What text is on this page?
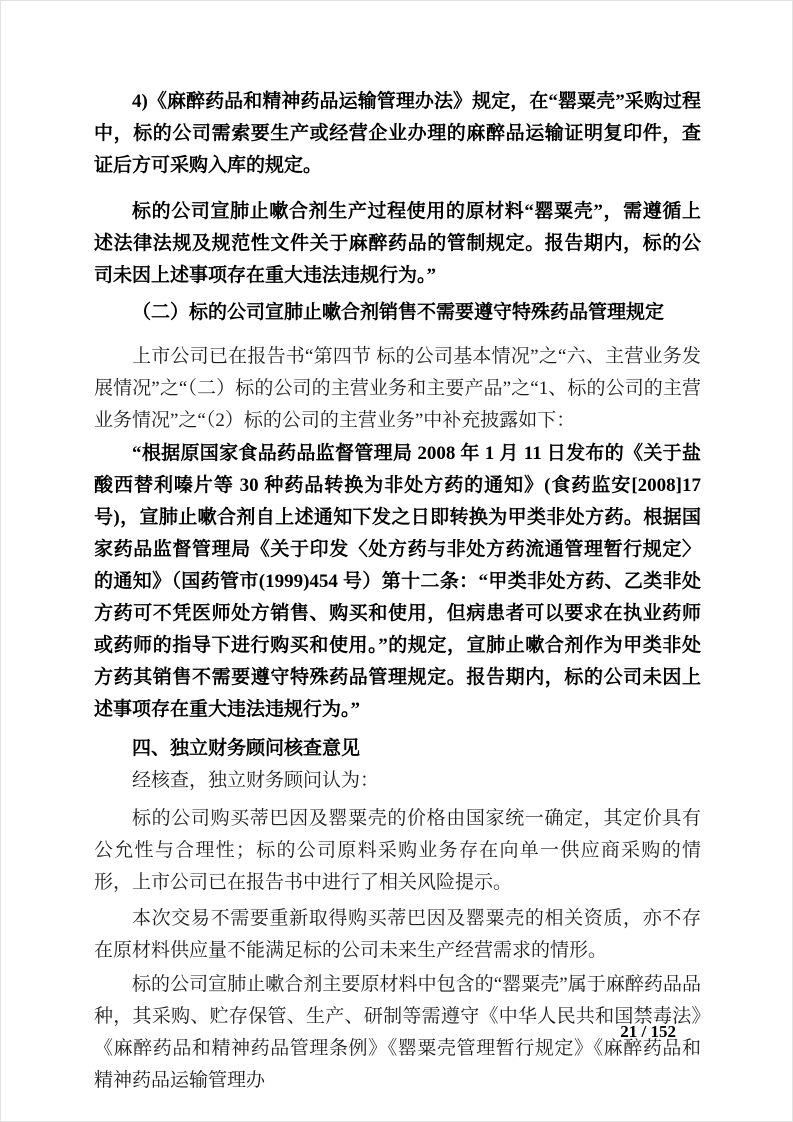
4)《麻醉药品和精神药品运输管理办法》规定，在“罂粟壳”采购过程中，标的公司需索要生产或经营企业办理的麻醉品运输证明复印件，查证后方可采购入库的规定。

标的公司宣肺止嗽合剂生产过程使用的原材料“罂粟壳”，需遵循上述法律法规及规范性文件关于麻醉药品的管制规定。报告期内，标的公司未因上述事项存在重大违法违规行为。”

（二）标的公司宣肺止嗽合剂销售不需要遵守特殊药品管理规定

上市公司已在报告书“第四节 标的公司基本情况”之“六、主营业务发展情况”之“（二）标的公司的主营业务和主要产品”之“1、标的公司的主营业务情况”之“（2）标的公司的主营业务”中补充披露如下：

“根据原国家食品药品监督管理局 2008 年 1 月 11 日发布的《关于盐酸西替利嗪片等 30 种药品转换为非处方药的通知》(食药监安[2008]17 号)，宣肺止嗽合剂自上述通知下发之日即转换为甲类非处方药。根据国家药品监督管理局《关于印发〈处方药与非处方药流通管理暂行规定〉的通知》（国药管市(1999)454 号）第十二条：“甲类非处方药、乙类非处方药可不凭医师处方销售、购买和使用，但病患者可以要求在执业药师或药师的指导下进行购买和使用。”的规定，宣肺止嗽合剂作为甲类非处方药其销售不需要遵守特殊药品管理规定。报告期内，标的公司未因上述事项存在重大违法违规行为。”

四、独立财务顾问核查意见

经核查，独立财务顾问认为：

标的公司购买蒂巴因及罂粟壳的价格由国家统一确定，其定价具有公允性与合理性；标的公司原料采购业务存在向单一供应商采购的情形，上市公司已在报告书中进行了相关风险提示。

本次交易不需要重新取得购买蒂巴因及罂粟壳的相关资质，亦不存在原材料供应量不能满足标的公司未来生产经营需求的情形。

标的公司宣肺止嗽合剂主要原材料中包含的“罂粟壳”属于麻醉药品品种，其采购、贮存保管、生产、研制等需遵守《中华人民共和国禁毒法》《麻醉药品和精神药品管理条例》《罂粟壳管理暂行规定》《麻醉药品和精神药品运输管理办

21 / 152
